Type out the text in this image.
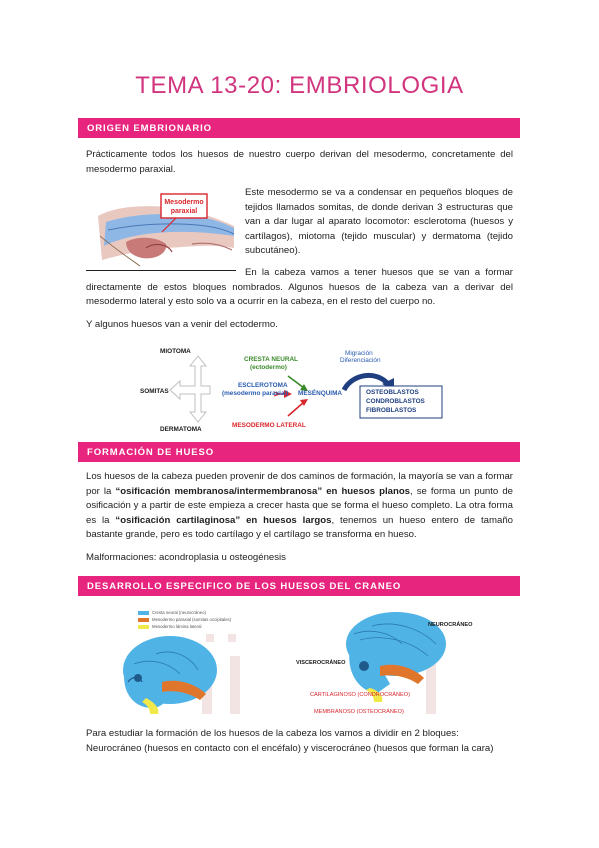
TEMA 13-20: EMBRIOLOGIA
ORIGEN EMBRIONARIO
Prácticamente todos los huesos de nuestro cuerpo derivan del mesodermo, concretamente del mesodermo paraxial.
Mesodermo
paraxial
Este mesodermo se va a condensar en pequeños bloques de tejidos llamados somitas, de donde derivan 3 estructuras que van a dar lugar al aparato locomotor: esclerotoma (huesos y cartílagos), miotoma (tejido muscular) y dermatoma (tejido subcutáneo).
En la cabeza vamos a tener huesos que se van a formar directamente de estos bloques nombrados. Algunos huesos de la cabeza van a derivar del mesodermo lateral y esto solo va a ocurrir en la cabeza, en el resto del cuerpo no.
Y algunos huesos van a venir del ectodermo.
MIOTOMA
SOMITAS
DERMATOMA
ESCLEROTOMA
(mesodermo paraxial)
CRESTA NEURAL
(ectodermo)
MESÉNQUIMA
MESODERMO LATERAL
Migración
Diferenciación
OSTEOBLASTOS
CONDROBLASTOS
FIBROBLASTOS
FORMACIÓN DE HUESO
Los huesos de la cabeza pueden provenir de dos caminos de formación, la mayoría se van a formar por la “osificación membranosa/intermembranosa” en huesos planos, se forma un punto de osificación y a partir de este empieza a crecer hasta que se forma el hueso completo. La otra forma es la “osificación cartilaginosa” en huesos largos, tenemos un hueso entero de tamaño bastante grande, pero es todo cartílago y el cartílago se transforma en hueso.
Malformaciones: acondroplasia u osteogénesis
DESARROLLO ESPECIFICO DE LOS HUESOS DEL CRANEO
Cresta neural (neurocráneo)
Mesodermo paraxial (somitas occipitales)
Mesodermo lámina lateral	NEUROCRÁNEO
VISCEROCRÁNEO
CARTILAGINOSO (CONDROCRÁNEO)
MEMBRANOSO (OSTEOCRÁNEO)
Para estudiar la formación de los huesos de la cabeza los vamos a dividir en 2 bloques: Neurocráneo (huesos en contacto con el encéfalo) y viscerocráneo (huesos que forman la cara)
